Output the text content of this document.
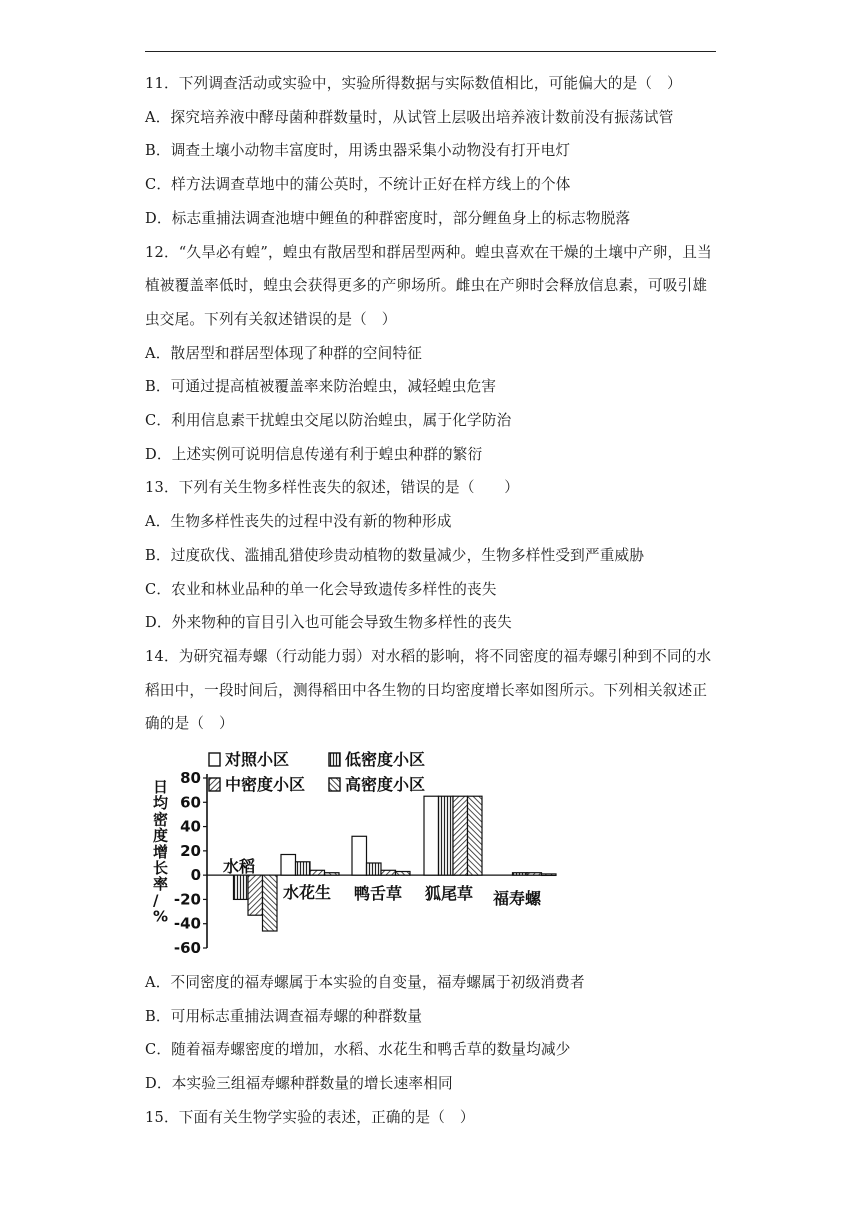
11．下列调查活动或实验中，实验所得数据与实际数值相比，可能偏大的是（　）
A．探究培养液中酵母菌种群数量时，从试管上层吸出培养液计数前没有振荡试管
B．调查土壤小动物丰富度时，用诱虫器采集小动物没有打开电灯
C．样方法调查草地中的蒲公英时，不统计正好在样方线上的个体
D．标志重捕法调查池塘中鲤鱼的种群密度时，部分鲤鱼身上的标志物脱落
12．“久旱必有蝗”，蝗虫有散居型和群居型两种。蝗虫喜欢在干燥的土壤中产卵，且当
植被覆盖率低时，蝗虫会获得更多的产卵场所。雌虫在产卵时会释放信息素，可吸引雄
虫交尾。下列有关叙述错误的是（　）
A．散居型和群居型体现了种群的空间特征
B．可通过提高植被覆盖率来防治蝗虫，减轻蝗虫危害
C．利用信息素干扰蝗虫交尾以防治蝗虫，属于化学防治
D．上述实例可说明信息传递有利于蝗虫种群的繁衍
13．下列有关生物多样性丧失的叙述，错误的是（　　）
A．生物多样性丧失的过程中没有新的物种形成
B．过度砍伐、滥捕乱猎使珍贵动植物的数量减少，生物多样性受到严重威胁
C．农业和林业品种的单一化会导致遗传多样性的丧失
D．外来物种的盲目引入也可能会导致生物多样性的丧失
14．为研究福寿螺（行动能力弱）对水稻的影响，将不同密度的福寿螺引种到不同的水
稻田中，一段时间后，测得稻田中各生物的日均密度增长率如图所示。下列相关叙述正
确的是（　）
A．不同密度的福寿螺属于本实验的自变量，福寿螺属于初级消费者
B．可用标志重捕法调查福寿螺的种群数量
C．随着福寿螺密度的增加，水稻、水花生和鸭舌草的数量均减少
D．本实验三组福寿螺种群数量的增长速率相同
15．下面有关生物学实验的表述，正确的是（　）
对照小区	低密度小区
中密度小区 高密度小区
日均密度增长率/ %
80
60
40
20
0
-20
-40
-60
水稻
水花生 鸭舌草 狐尾草 福寿螺
